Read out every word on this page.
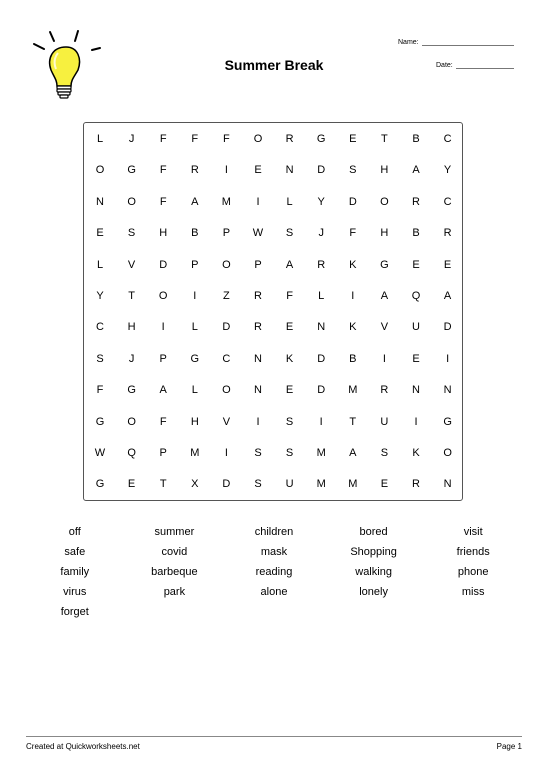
Name:
Date:
Summer Break
L	J	F	F	F	O	R	G	E	T	B	C
O	G	F	R	I	E	N	D	S	H	A	Y
N	O	F	A	M	I	L	Y	D	O	R	C
E	S	H	B	P	W	S	J	F	H	B	R
L	V	D	P	O	P	A	R	K	G	E	E
Y	T	O	I	Z	R	F	L	I	A	Q	A
C	H	I	L	D	R	E	N	K	V	U	D
S	J	P	G	C	N	K	D	B	I	E	I
F	G	A	L	O	N	E	D	M	R	N	N
G	O	F	H	V	I	S	I	T	U	I	G
W	Q	P	M	I	S	S	M	A	S	K	O
G	E	T	X	D	S	U	M	M	E	R	N
off	summer	children	bored	visit
safe	covid	mask	Shopping	friends
family	barbeque	reading	walking	phone
virus	park	alone	lonely	miss
forget
Created at Quickworksheets.net	Page 1
